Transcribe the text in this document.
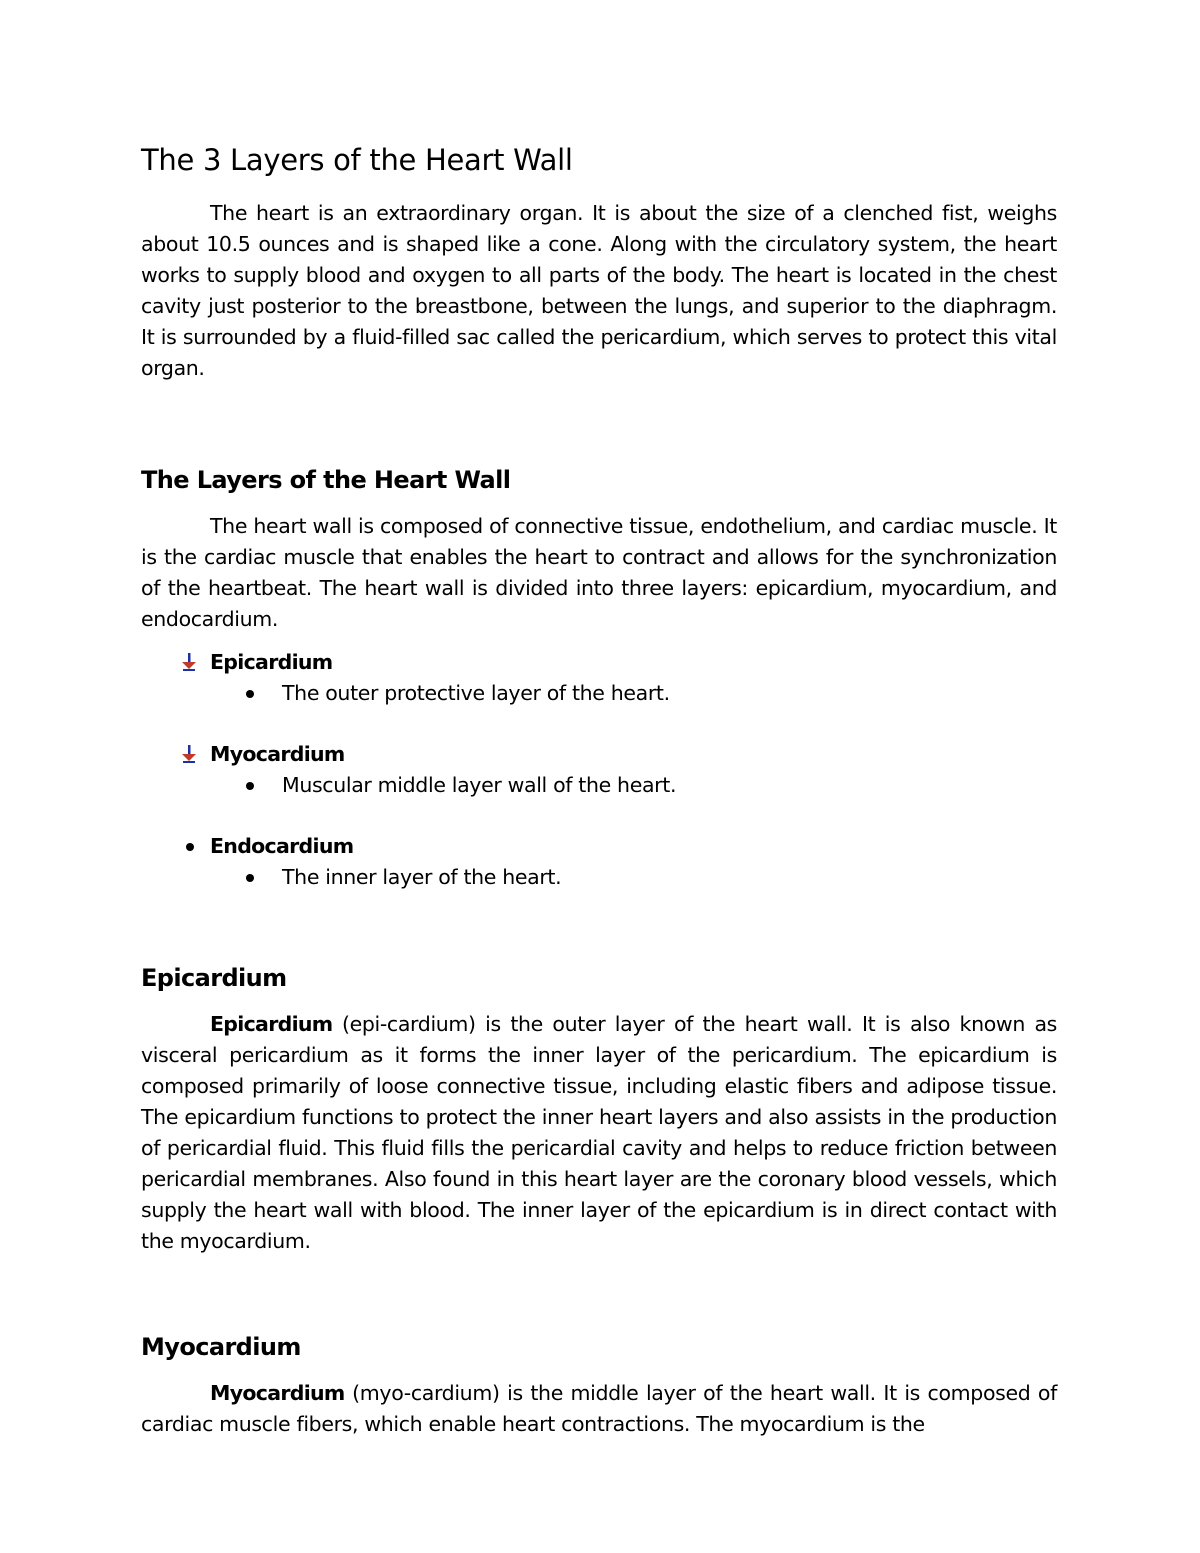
The 3 Layers of the Heart Wall

The heart is an extraordinary organ. It is about the size of a clenched fist, weighs about 10.5 ounces and is shaped like a cone. Along with the circulatory system, the heart works to supply blood and oxygen to all parts of the body. The heart is located in the chest cavity just posterior to the breastbone, between the lungs, and superior to the diaphragm. It is surrounded by a fluid-filled sac called the pericardium, which serves to protect this vital organ.

The Layers of the Heart Wall

The heart wall is composed of connective tissue, endothelium, and cardiac muscle. It is the cardiac muscle that enables the heart to contract and allows for the synchronization of the heartbeat. The heart wall is divided into three layers: epicardium, myocardium, and endocardium.

Epicardium
The outer protective layer of the heart.
Myocardium
Muscular middle layer wall of the heart.
Endocardium
The inner layer of the heart.
Epicardium

Epicardium (epi-cardium) is the outer layer of the heart wall. It is also known as visceral pericardium as it forms the inner layer of the pericardium. The epicardium is composed primarily of loose connective tissue, including elastic fibers and adipose tissue. The epicardium functions to protect the inner heart layers and also assists in the production of pericardial fluid. This fluid fills the pericardial cavity and helps to reduce friction between pericardial membranes. Also found in this heart layer are the coronary blood vessels, which supply the heart wall with blood. The inner layer of the epicardium is in direct contact with the myocardium.

Myocardium

Myocardium (myo-cardium) is the middle layer of the heart wall. It is composed of cardiac muscle fibers, which enable heart contractions. The myocardium is the
